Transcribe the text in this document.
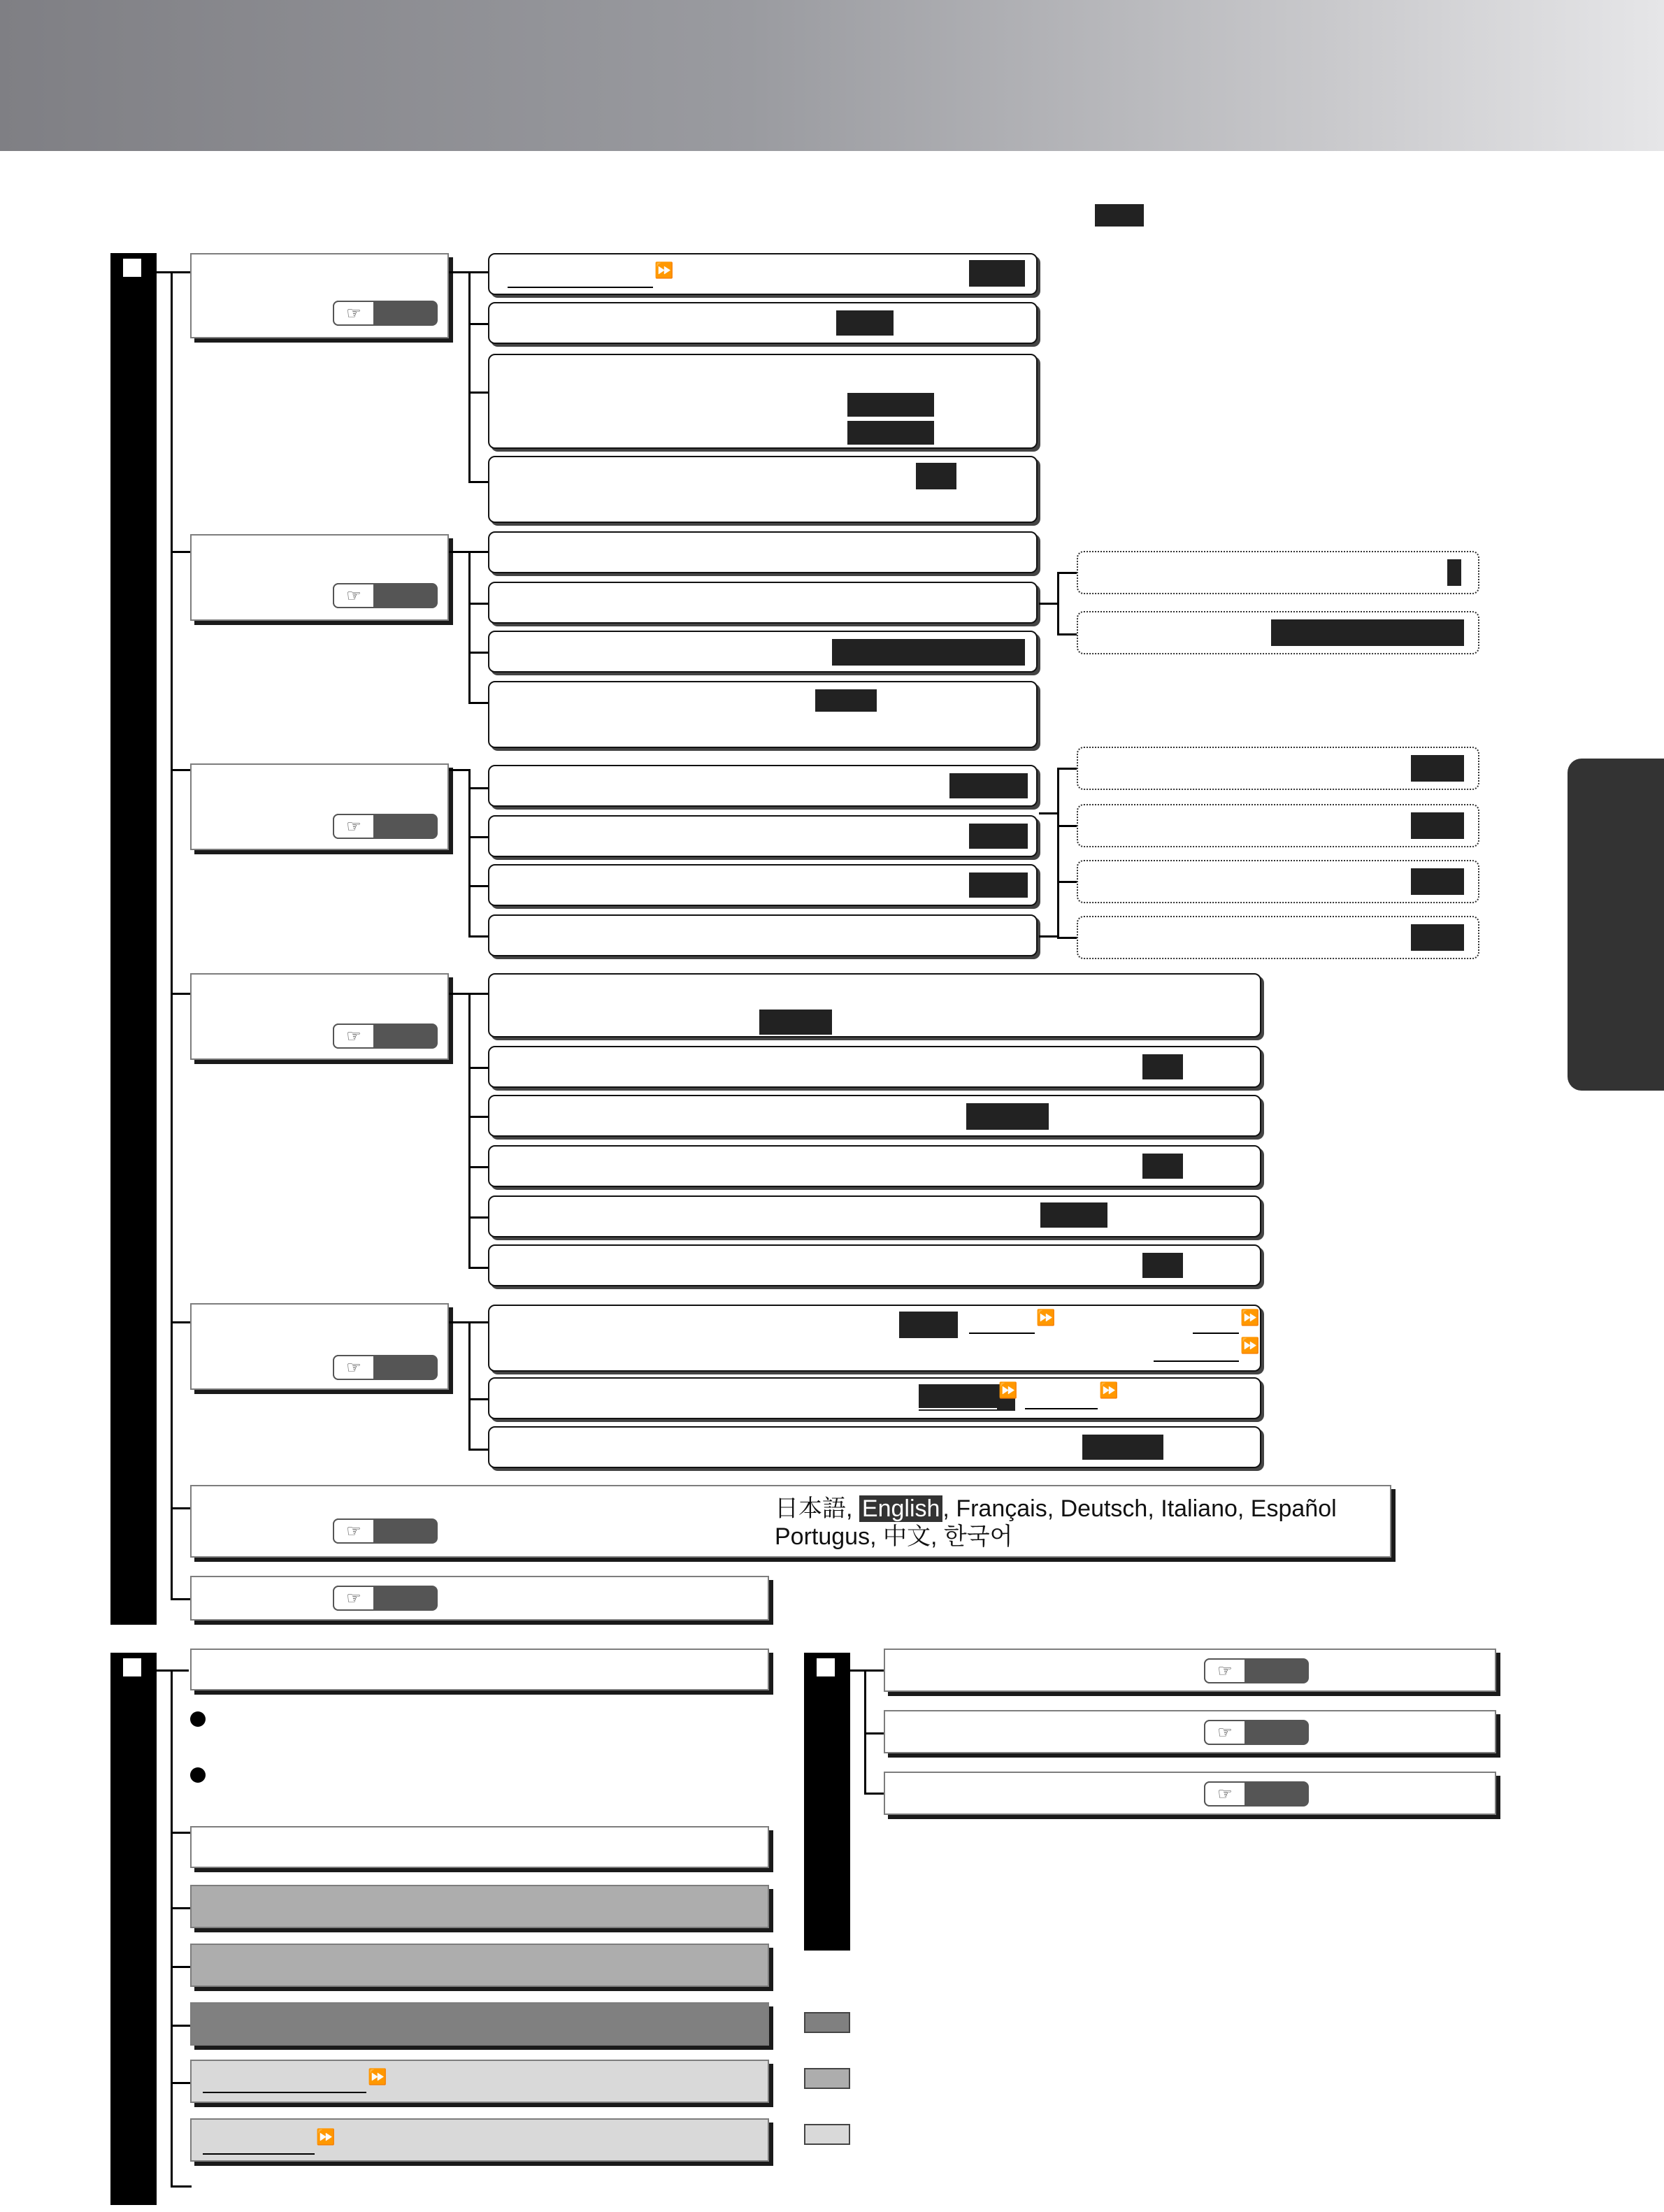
☞
⏩
☞
☞
☞
☞
⏩	⏩
⏩
⏩	⏩
☞
日本語, English , Français, Deutsch, Italiano, Español
Portugus, 中文, 한국어
☞
⏩
⏩
☞
☞
☞
